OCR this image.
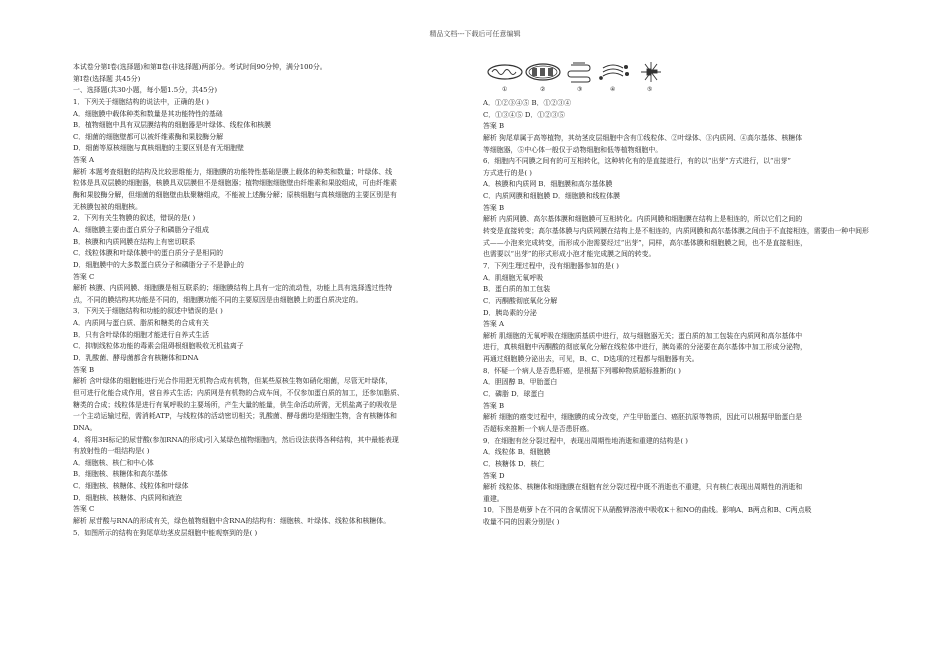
精品文档---下载后可任意编辑
本试卷分第Ⅰ卷(选择题)和第Ⅱ卷(非选择题)两部分。考试时间90分钟，满分100分。
第Ⅰ卷(选择题 共45分)
一、选择题(共30小题，每小题1.5分，共45分)
1．下列关于细胞结构的说法中，正确的是( )
A．细胞膜中载体种类和数量是其功能特性的基础
B．植物细胞中具有双层膜结构的细胞器是叶绿体、线粒体和核膜
C．细菌的细胞壁都可以被纤维素酶和果胶酶分解
D．细菌等原核细胞与真核细胞的主要区别是有无细胞壁
答案 A
解析 本题考查细胞的结构及比较思维能力，细胞膜的功能特性基础是膜上载体的种类和数量；叶绿体、线
粒体是具双层膜的细胞器，核膜具双层膜但不是细胞器；植物细胞细胞壁由纤维素和果胶组成，可由纤维素
酶和果胶酶分解，但细菌的细胞壁由肽聚糖组成，不能被上述酶分解；原核细胞与真核细胞的主要区别是有
无核膜包被的细胞核。
2．下列有关生物膜的叙述，错误的是( )
A．细胞膜主要由蛋白质分子和磷脂分子组成
B．核膜和内质网膜在结构上有密切联系
C．线粒体膜和叶绿体膜中的蛋白质分子是相同的
D．细胞膜中的大多数蛋白质分子和磷脂分子不是静止的
答案 C
解析 核膜、内质网膜、细胞膜是相互联系的；细胞膜结构上具有一定的流动性，功能上具有选择透过性特
点，不同的膜结构其功能是不同的，细胞膜功能不同的主要原因是由细胞膜上的蛋白质决定的。
3．下列关于细胞结构和功能的叙述中错误的是( )
A．内质网与蛋白质、脂质和糖类的合成有关
B．只有含叶绿体的细胞才能进行自养式生活
C．抑制线粒体功能的毒素会阻碍根细胞吸收无机盐离子
D．乳酸菌、酵母菌都含有核糖体和DNA
答案 B
解析 含叶绿体的细胞能进行光合作用把无机物合成有机物，但某些原核生物如硝化细菌，尽管无叶绿体，
但可进行化能合成作用，营自养式生活；内质网是有机物的合成车间，不仅参加蛋白质的加工，还参加脂质、
糖类的合成；线粒体是进行有氧呼吸的主要场所，产生大量的能量，供生命活动所需，无机盐离子的吸收是
一个主动运输过程，需消耗ATP，与线粒体的活动密切相关；乳酸菌、酵母菌均是细胞生物，含有核糖体和
DNA。
4．将用3H标记的尿苷酸(参加RNA的形成)引入某绿色植物细胞内，然后设法获得各种结构，其中最能表现
有放射性的一组结构是( )
A．细胞核、核仁和中心体
B．细胞核、核糖体和高尔基体
C．细胞核、核糖体、线粒体和叶绿体
D．细胞核、核糖体、内质网和液泡
答案 C
解析 尿苷酸与RNA的形成有关，绿色植物细胞中含RNA的结构有：细胞核、叶绿体、线粒体和核糖体。
5．如图所示的结构在狗尾草幼茎皮层细胞中能观察到的是( )
①	②	③	④	⑤
A．①②③④⑤ B．①②③④
C．①③④⑤ D．①②③⑤
答案 B
解析 狗尾草属于高等植物，其幼茎皮层细胞中含有①线粒体、②叶绿体、③内质网、④高尔基体、核糖体
等细胞器，⑤中心体一般仅于动物细胞和低等植物细胞中。
6．细胞内不同膜之间有的可互相转化，这种转化有的是直接进行，有的以“出芽”方式进行，以“出芽”
方式进行的是( )
A．核膜和内质网 B．细胞膜和高尔基体膜
C．内质网膜和细胞膜 D．细胞膜和线粒体膜
答案 B
解析 内质网膜、高尔基体膜和细胞膜可互相转化。内质网膜和细胞膜在结构上是相连的，所以它们之间的
转变是直接转变；高尔基体膜与内质网膜在结构上是不相连的，内质网膜和高尔基体膜之间由于不直接相连，需要由一种中间形
式——小泡来完成转变，而形成小泡需要经过“出芽”，同样，高尔基体膜和细胞膜之间，也不是直接相连，
也需要以“出芽”的形式形成小泡才能完成膜之间的转变。
7．下列生理过程中，没有细胞器参加的是( )
A．肌细胞无氧呼吸
B．蛋白质的加工包装
C．丙酮酸彻底氧化分解
D．胰岛素的分泌
答案 A
解析 肌细胞的无氧呼吸在细胞质基质中进行，故与细胞器无关；蛋白质的加工包装在内质网和高尔基体中
进行，真核细胞中丙酮酸的彻底氧化分解在线粒体中进行，胰岛素的分泌要在高尔基体中加工形成分泌物，
再通过细胞膜分泌出去，可见，B、C、D选项的过程都与细胞器有关。
8．怀疑一个病人是否患肝癌，是根据下列哪种物质超标推断的( )
A．胆固醇 B．甲胎蛋白
C．磷脂 D．球蛋白
答案 B
解析 细胞的癌变过程中，细胞膜的成分改变，产生甲胎蛋白、癌胚抗原等物质，因此可以根据甲胎蛋白是
否超标来推断一个病人是否患肝癌。
9．在细胞有丝分裂过程中，表现出周期性地消逝和重建的结构是( )
A．线粒体 B．细胞膜
C．核糖体 D．核仁
答案 D
解析 线粒体、核糖体和细胞膜在细胞有丝分裂过程中既不消逝也不重建，只有核仁表现出周期性的消逝和
重建。
10．下图是萌萝卜在不同的含氧情况下从硝酸钾溶液中吸收K＋和NO的曲线。影响A、B两点和B、C两点吸
收量不同的因素分别是( )
